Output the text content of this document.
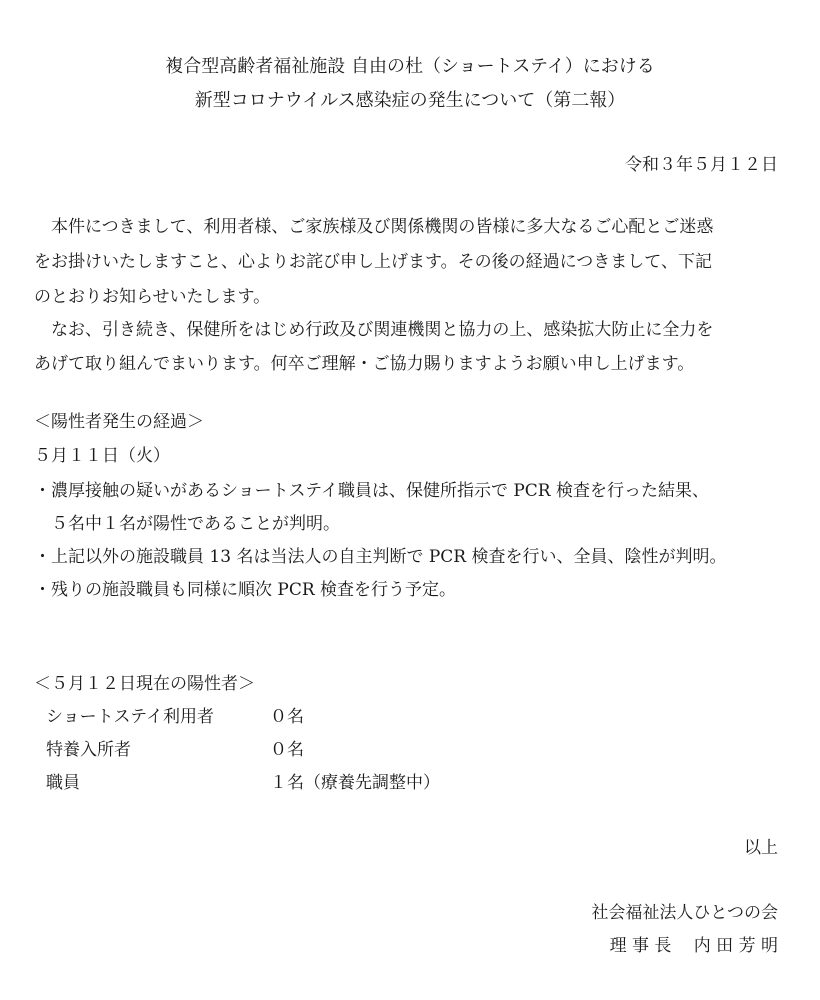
複合型高齢者福祉施設 自由の杜（ショートステイ）における
新型コロナウイルス感染症の発生について（第二報）
令和３年５月１２日
　本件につきまして、利用者様、ご家族様及び関係機関の皆様に多大なるご心配とご迷惑
をお掛けいたしますこと、心よりお詫び申し上げます。その後の経過につきまして、下記
のとおりお知らせいたします。
　なお、引き続き、保健所をはじめ行政及び関連機関と協力の上、感染拡大防止に全力を
あげて取り組んでまいります。何卒ご理解・ご協力賜りますようお願い申し上げます。
＜陽性者発生の経過＞
５月１１日（火）
・濃厚接触の疑いがあるショートステイ職員は、保健所指示で PCR 検査を行った結果、
　５名中１名が陽性であることが判明。
・上記以外の施設職員 13 名は当法人の自主判断で PCR 検査を行い、全員、陰性が判明。
・残りの施設職員も同様に順次 PCR 検査を行う予定。
＜５月１２日現在の陽性者＞
ショートステイ利用者	０名
特養入所者	０名
職員	１名（療養先調整中）
以上
社会福祉法人ひとつの会
理 事 長　 内 田 芳 明
